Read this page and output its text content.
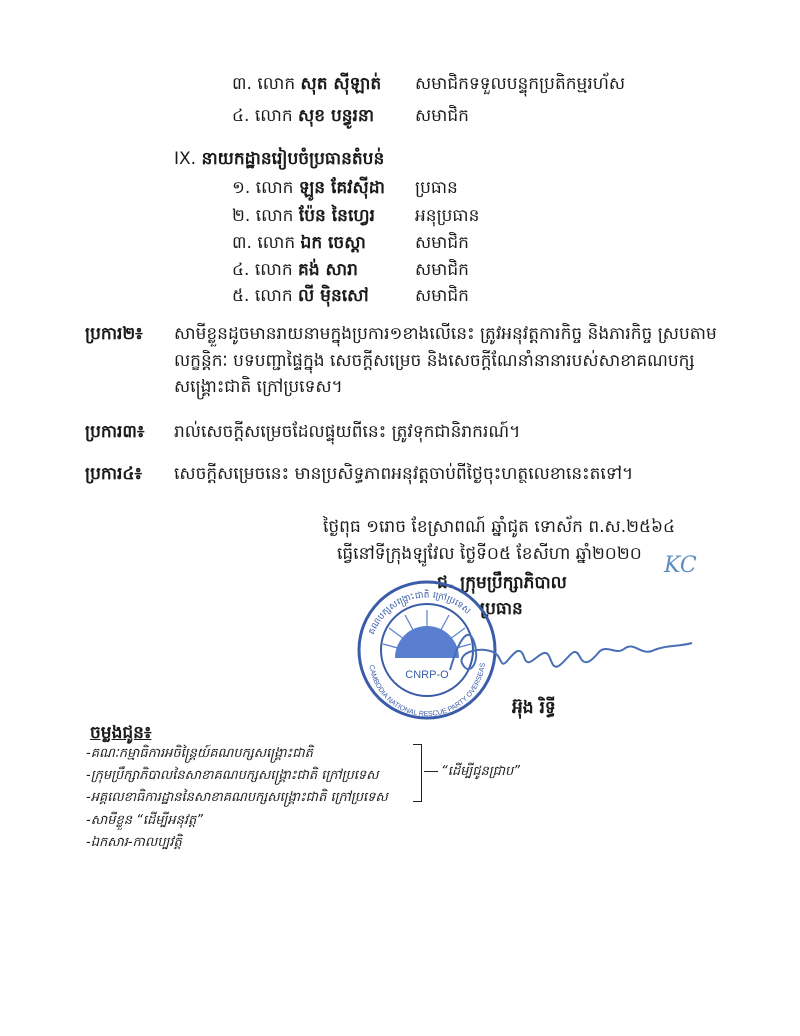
៣. លោក សុត ស៊ីឡាត់ សមាជិកទទួលបន្ទុកប្រតិកម្មរហ័ស
៤. លោក សុខ បន្ធូរនា សមាជិក
IX. នាយកដ្ឋានរៀបចំប្រធានតំបន់
១. លោក ឡូន គែវស៊ីដា ប្រធាន
២. លោក ប៉ែន នៃហ្វេរ អនុប្រធាន
៣. លោក ឯក ចេស្តា	សមាជិក
៤. លោក គង់ សារា	សមាជិក
៥. លោក លី ម៉ិនសៅ	សមាជិក
ប្រការ២៖ សាមីខ្លួនដូចមានរាយនាមក្នុងប្រការ១ខាងលើនេះ ត្រូវអនុវត្តការកិច្ច និងភារកិច្ច ស្របតាម
លក្ខន្តិកៈ បទបញ្ជាផ្ទៃក្នុង សេចក្តីសម្រេច និងសេចក្តីណែនាំនានារបស់សាខាគណបក្ស
សង្គ្រោះជាតិ ក្រៅប្រទេស។
ប្រការ៣៖ រាល់សេចក្តីសម្រេចដែលផ្ទុយពីនេះ ត្រូវទុកជានិរាករណ៍។
ប្រការ៤៖ សេចក្តីសម្រេចនេះ មានប្រសិទ្ធភាពអនុវត្តចាប់ពីថ្ងៃចុះហត្ថលេខានេះតទៅ។
ថ្ងៃពុធ ១រោច ខែស្រាពណ៍ ឆ្នាំជូត ទោស័ក ព.ស.២៥៦៤
ធ្វើនៅទីក្រុងឡូវែល ថ្ងៃទី០៥ ខែសីហា ឆ្នាំ២០២០ KC
ជ. ក្រុមប្រឹក្សាភិបាល
ប្រធាន
CNRP-O
CAMBODIA NATIONAL RESCUE PARTY OVERSEAS
គណបក្សសង្គ្រោះជាតិ ក្រៅប្រទេស
អ៊ុង រិទ្ធី
ចម្លងជូន៖
-គណៈកម្មាធិការអចិន្ត្រៃយ៍គណបក្សសង្គ្រោះជាតិ
-ក្រុមប្រឹក្សាភិបាលនៃសាខាគណបក្សសង្គ្រោះជាតិ ក្រៅប្រទេស
-អគ្គលេខាធិការដ្ឋាននៃសាខាគណបក្សសង្គ្រោះជាតិ ក្រៅប្រទេស
-សាមីខ្លួន “ដើម្បីអនុវត្ត”
-ឯកសារ-កាលប្បវត្តិ
“ដើម្បីជូនជ្រាប”
